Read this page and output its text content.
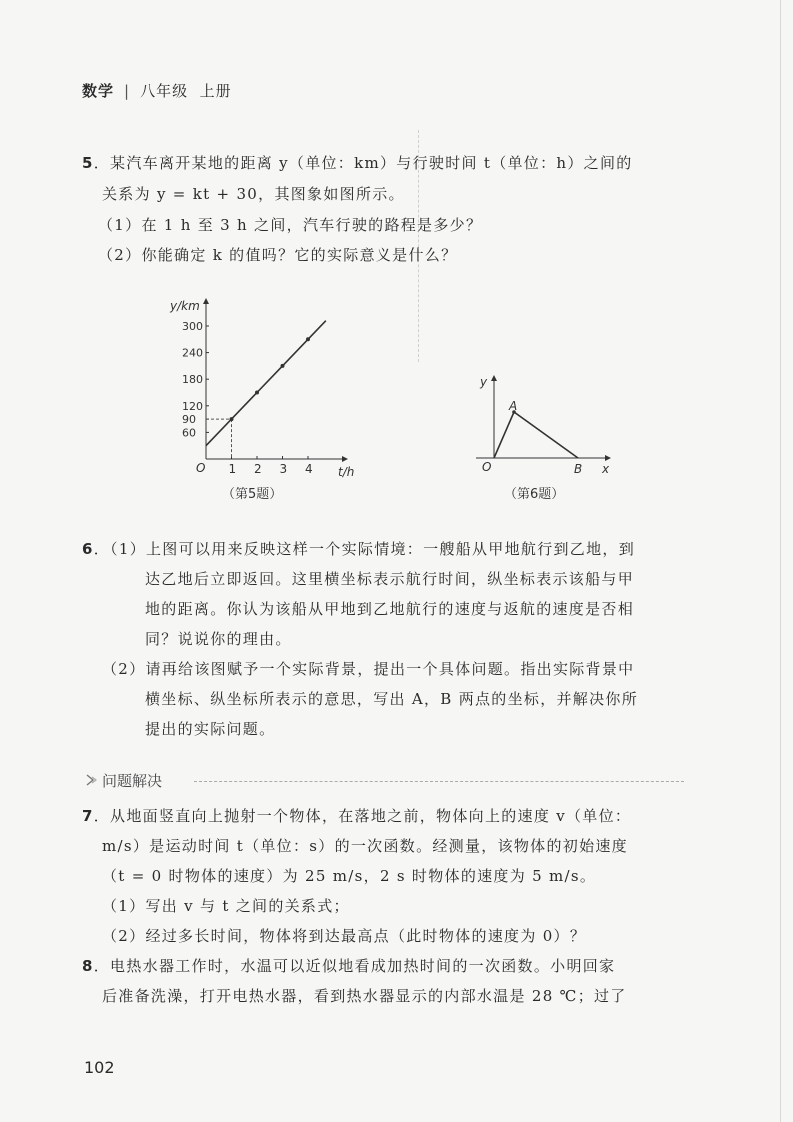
数学 | 八年级 上册
5．某汽车离开某地的距离 y（单位：km）与行驶时间 t（单位：h）之间的
关系为 y = kt + 30，其图象如图所示。
（1）在 1 h 至 3 h 之间，汽车行驶的路程是多少？
（2）你能确定 k 的值吗？它的实际意义是什么？
1 2 3 4
60
90
120
180
240
300
y/km
t/h
O
（第5题）
y
x
O
A
B
（第6题）
6．（1）上图可以用来反映这样一个实际情境：一艘船从甲地航行到乙地，到
达乙地后立即返回。这里横坐标表示航行时间，纵坐标表示该船与甲
地的距离。你认为该船从甲地到乙地航行的速度与返航的速度是否相
同？说说你的理由。
（2）请再给该图赋予一个实际背景，提出一个具体问题。指出实际背景中
横坐标、纵坐标所表示的意思，写出 A，B 两点的坐标，并解决你所
提出的实际问题。
问题解决
7．从地面竖直向上抛射一个物体，在落地之前，物体向上的速度 v（单位：
m/s）是运动时间 t（单位：s）的一次函数。经测量，该物体的初始速度
（t = 0 时物体的速度）为 25 m/s，2 s 时物体的速度为 5 m/s。
（1）写出 v 与 t 之间的关系式；
（2）经过多长时间，物体将到达最高点（此时物体的速度为 0）？
8．电热水器工作时，水温可以近似地看成加热时间的一次函数。小明回家
后准备洗澡，打开电热水器，看到热水器显示的内部水温是 28 ℃；过了
102
